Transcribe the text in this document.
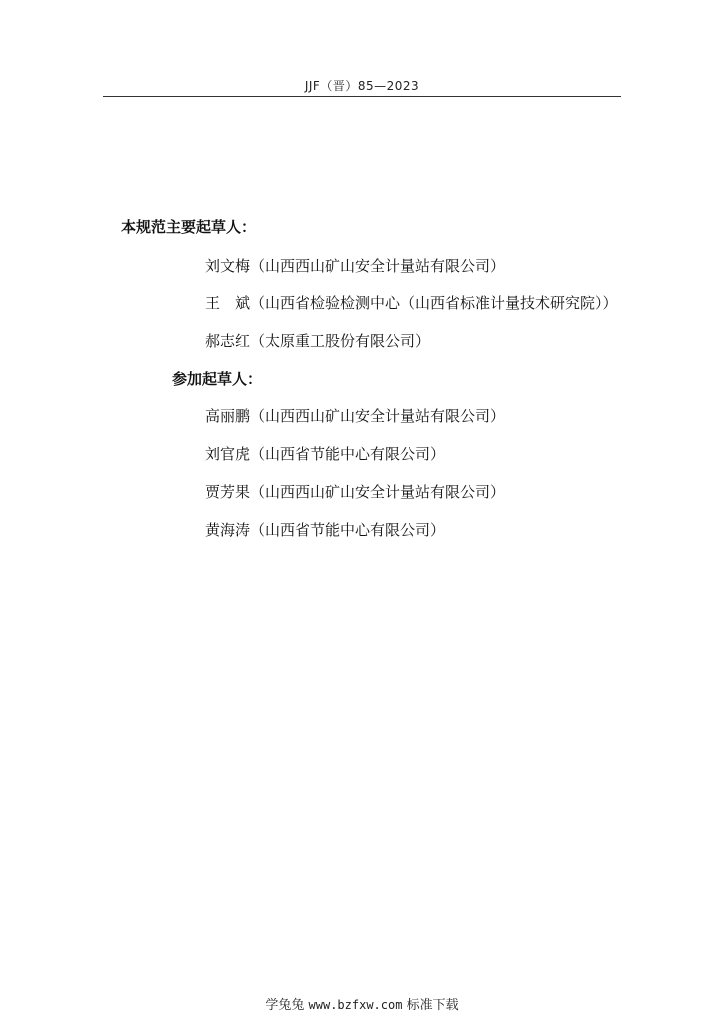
JJF（晋）85—2023
本规范主要起草人：
刘文梅（山西西山矿山安全计量站有限公司）
王　斌（山西省检验检测中心（山西省标准计量技术研究院））
郝志红（太原重工股份有限公司）
参加起草人：
高丽鹏（山西西山矿山安全计量站有限公司）
刘官虎（山西省节能中心有限公司）
贾芳果（山西西山矿山安全计量站有限公司）
黄海涛（山西省节能中心有限公司）
学兔兔 www.bzfxw.com 标准下载
